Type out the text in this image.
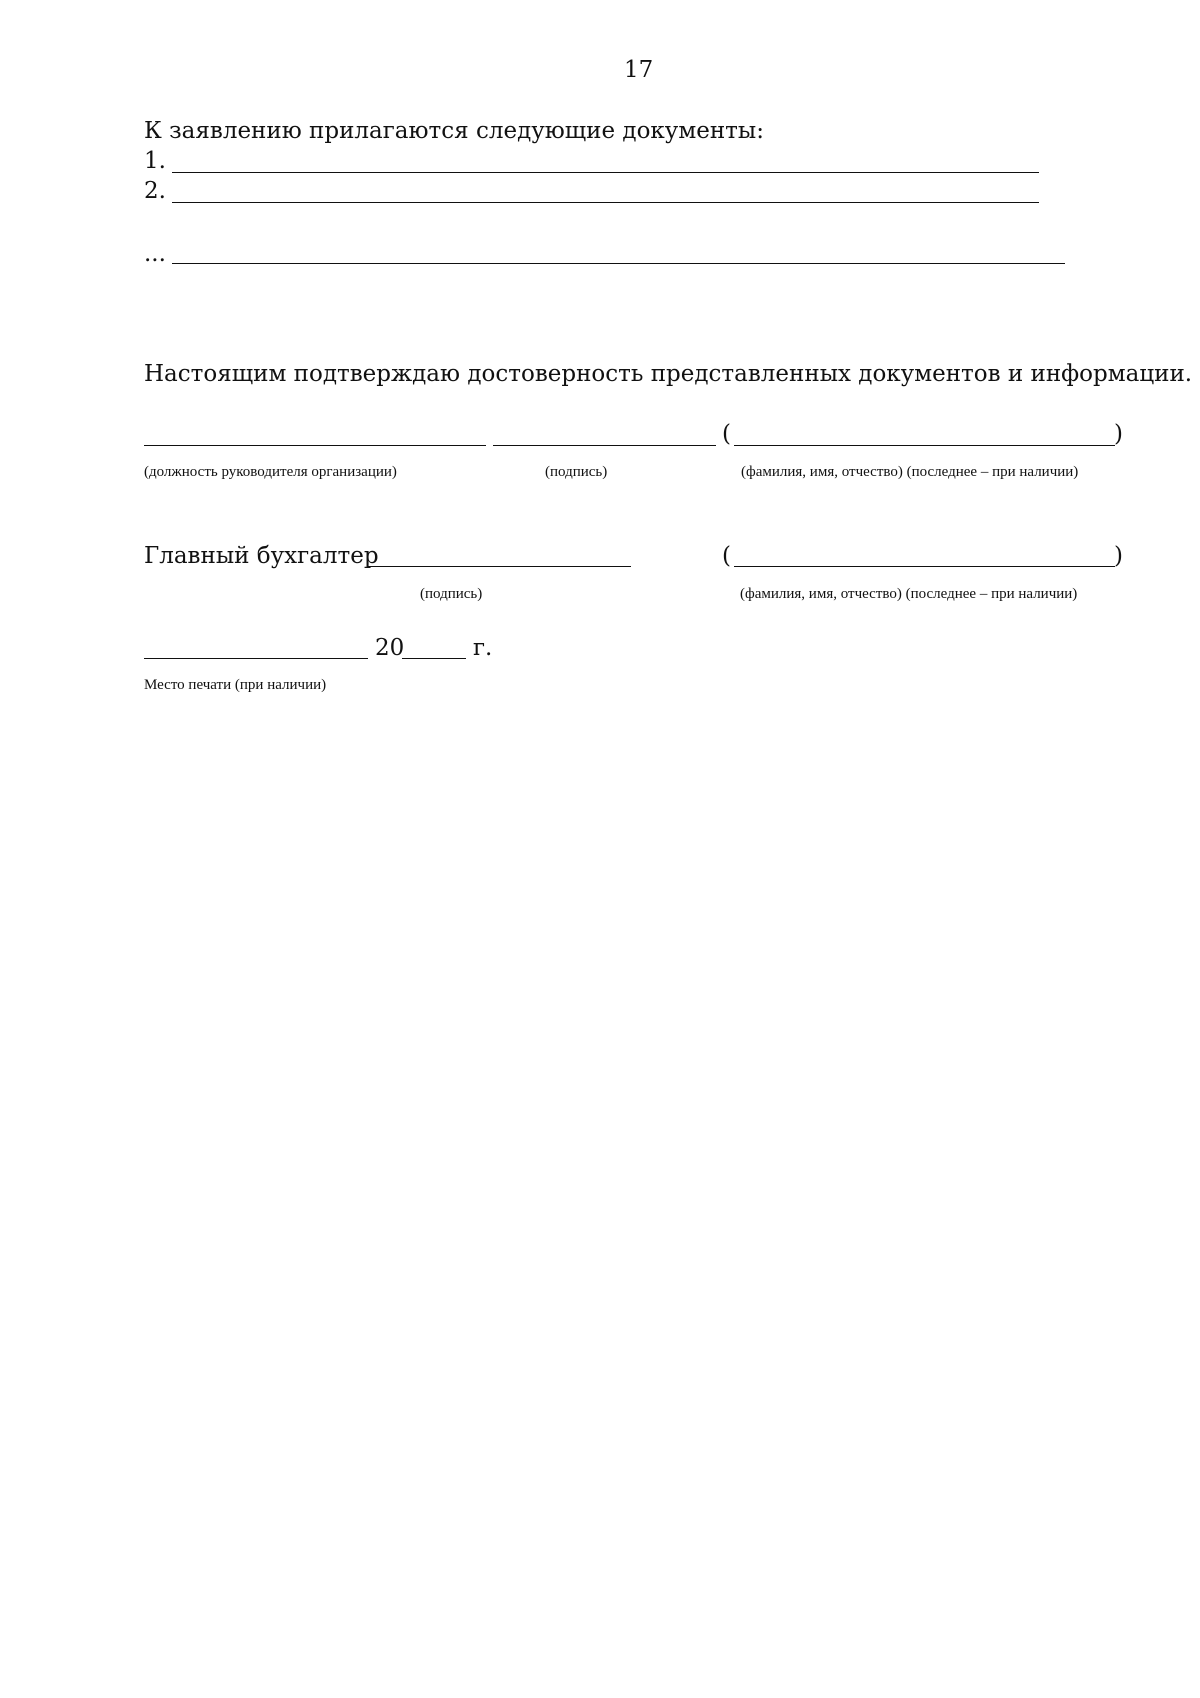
17
К заявлению прилагаются следующие документы:
1.
2.
...
Настоящим подтверждаю достоверность представленных документов и информации.
(	)
(должность руководителя организации)	(подпись)	(фамилия, имя, отчество) (последнее – при наличии)
Главный бухгалтер	(	)
(подпись)	(фамилия, имя, отчество) (последнее – при наличии)
20	г.
Место печати (при наличии)
